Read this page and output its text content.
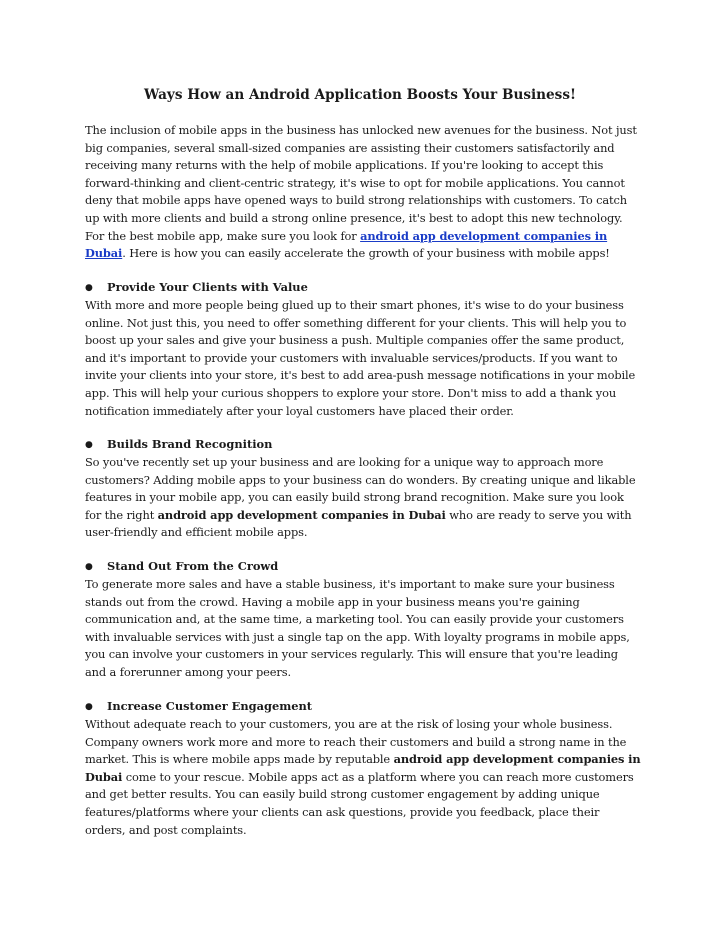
Ways How an Android Application Boosts Your Business!

The inclusion of mobile apps in the business has unlocked new avenues for the business. Not just big companies, several small-sized companies are assisting their customers satisfactorily and receiving many returns with the help of mobile applications. If you're looking to accept this forward-thinking and client-centric strategy, it's wise to opt for mobile applications. You cannot deny that mobile apps have opened ways to build strong relationships with customers. To catch up with more clients and build a strong online presence, it's best to adopt this new technology. For the best mobile app, make sure you look for android app development companies in Dubai. Here is how you can easily accelerate the growth of your business with mobile apps!

● Provide Your Clients with Value

With more and more people being glued up to their smart phones, it's wise to do your business online. Not just this, you need to offer something different for your clients. This will help you to boost up your sales and give your business a push. Multiple companies offer the same product, and it's important to provide your customers with invaluable services/products. If you want to invite your clients into your store, it's best to add area-push message notifications in your mobile app. This will help your curious shoppers to explore your store. Don't miss to add a thank you notification immediately after your loyal customers have placed their order.

● Builds Brand Recognition

So you've recently set up your business and are looking for a unique way to approach more customers? Adding mobile apps to your business can do wonders. By creating unique and likable features in your mobile app, you can easily build strong brand recognition. Make sure you look for the right android app development companies in Dubai who are ready to serve you with user-friendly and efficient mobile apps.

● Stand Out From the Crowd

To generate more sales and have a stable business, it's important to make sure your business stands out from the crowd. Having a mobile app in your business means you're gaining communication and, at the same time, a marketing tool. You can easily provide your customers with invaluable services with just a single tap on the app. With loyalty programs in mobile apps, you can involve your customers in your services regularly. This will ensure that you're leading and a forerunner among your peers.

● Increase Customer Engagement

Without adequate reach to your customers, you are at the risk of losing your whole business. Company owners work more and more to reach their customers and build a strong name in the market. This is where mobile apps made by reputable android app development companies in Dubai come to your rescue. Mobile apps act as a platform where you can reach more customers and get better results. You can easily build strong customer engagement by adding unique features/platforms where your clients can ask questions, provide you feedback, place their orders, and post complaints.
